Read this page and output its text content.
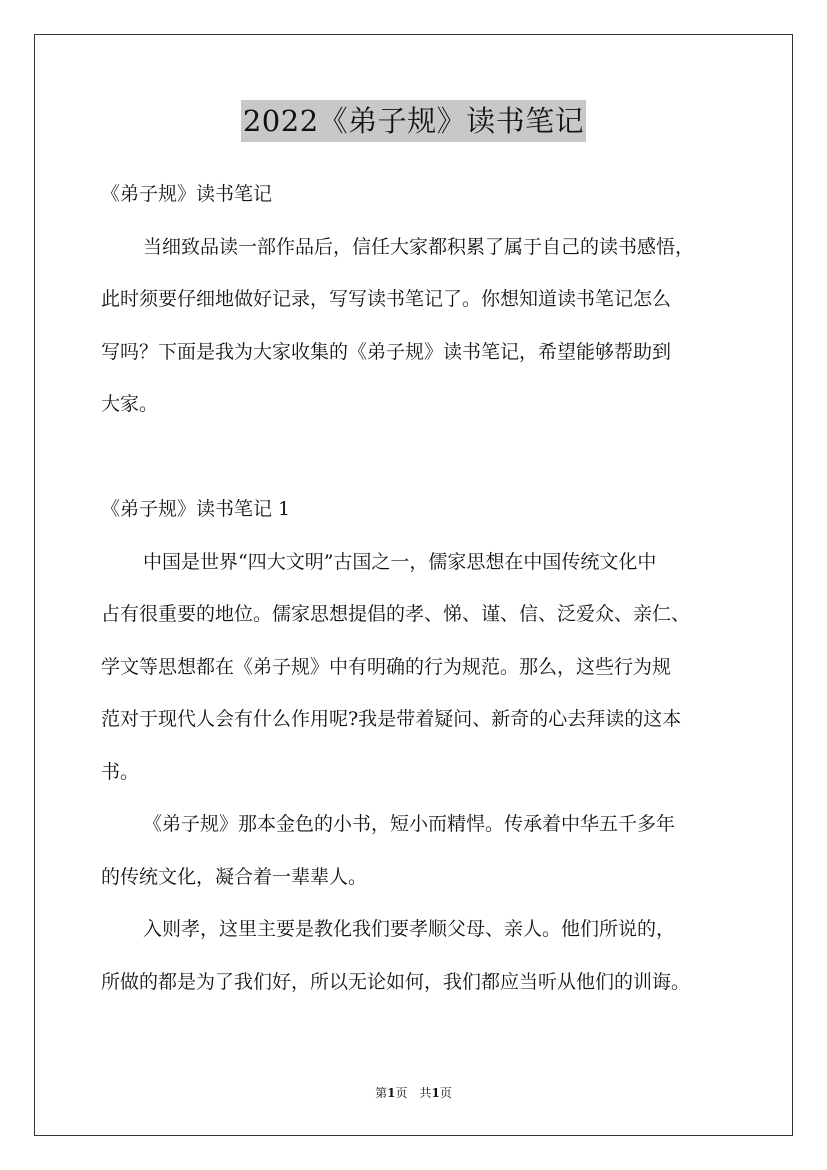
2022《弟子规》读书笔记
《弟子规》读书笔记
当细致品读一部作品后，信任大家都积累了属于自己的读书感悟，
此时须要仔细地做好记录，写写读书笔记了。你想知道读书笔记怎么
写吗？下面是我为大家收集的《弟子规》读书笔记，希望能够帮助到
大家。
《弟子规》读书笔记 1
中国是世界“四大文明”古国之一，儒家思想在中国传统文化中
占有很重要的地位。儒家思想提倡的孝、悌、谨、信、泛爱众、亲仁、
学文等思想都在《弟子规》中有明确的行为规范。那么，这些行为规
范对于现代人会有什么作用呢?我是带着疑问、新奇的心去拜读的这本
书。
《弟子规》那本金色的小书，短小而精悍。传承着中华五千多年
的传统文化，凝合着一辈辈人。
入则孝，这里主要是教化我们要孝顺父母、亲人。他们所说的，
所做的都是为了我们好，所以无论如何，我们都应当听从他们的训诲。
第1页　共1页
